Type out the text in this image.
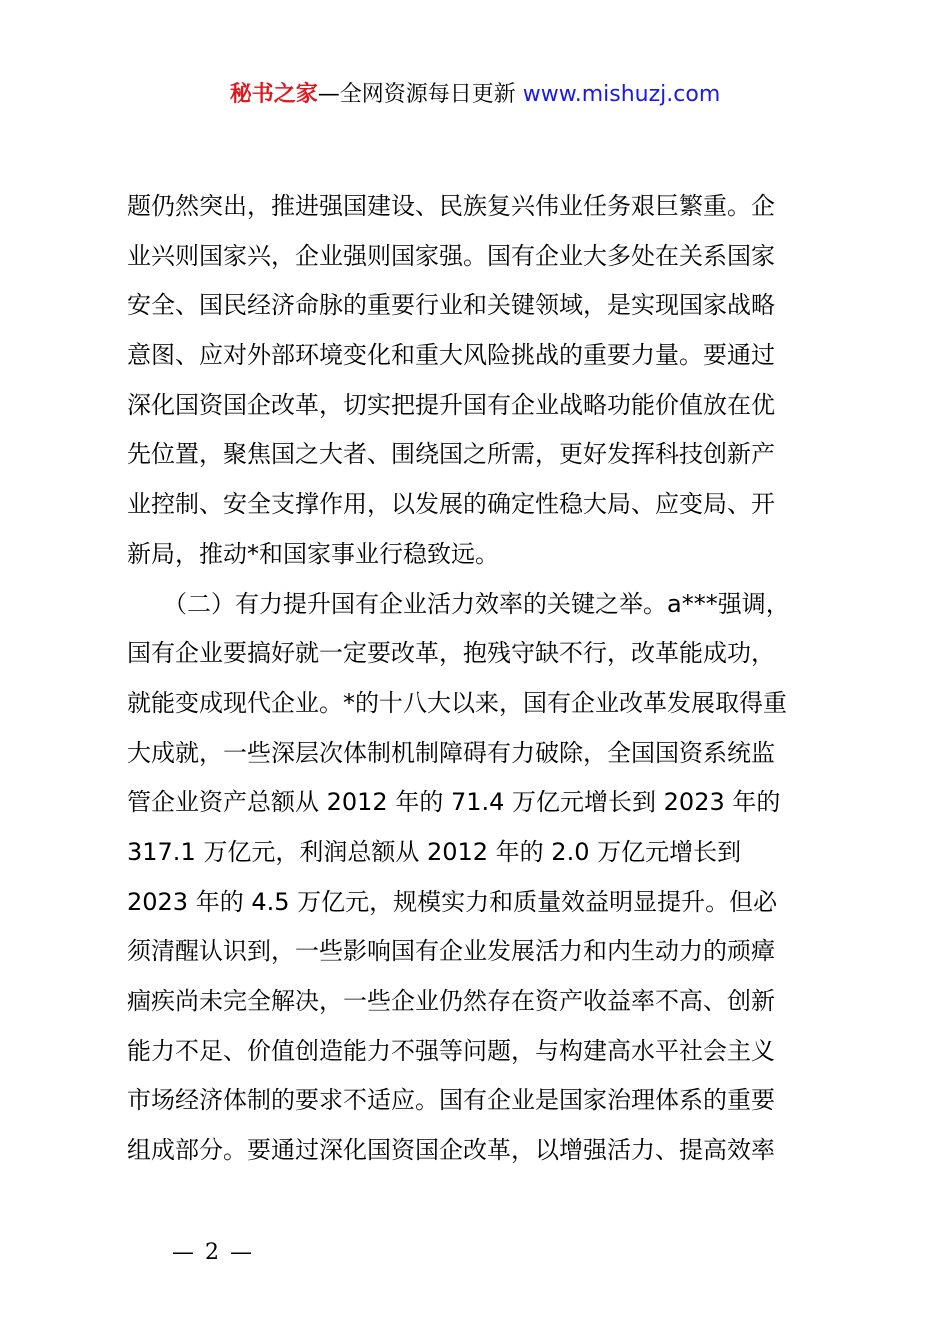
秘书之家—全网资源每日更新 www.mishuzj.com
题仍然突出，推进强国建设、民族复兴伟业任务艰巨繁重。企
业兴则国家兴，企业强则国家强。国有企业大多处在关系国家
安全、国民经济命脉的重要行业和关键领域，是实现国家战略
意图、应对外部环境变化和重大风险挑战的重要力量。要通过
深化国资国企改革，切实把提升国有企业战略功能价值放在优
先位置，聚焦国之大者、围绕国之所需，更好发挥科技创新产
业控制、安全支撑作用，以发展的确定性稳大局、应变局、开
新局，推动*和国家事业行稳致远。
　　（二）有力提升国有企业活力效率的关键之举。a***强调，
国有企业要搞好就一定要改革，抱残守缺不行，改革能成功，
就能变成现代企业。*的十八大以来，国有企业改革发展取得重
大成就，一些深层次体制机制障碍有力破除，全国国资系统监
管企业资产总额从 2012 年的 71.4 万亿元增长到 2023 年的
317.1 万亿元，利润总额从 2012 年的 2.0 万亿元增长到
2023 年的 4.5 万亿元，规模实力和质量效益明显提升。但必
须清醒认识到，一些影响国有企业发展活力和内生动力的顽瘴
痼疾尚未完全解决，一些企业仍然存在资产收益率不高、创新
能力不足、价值创造能力不强等问题，与构建高水平社会主义
市场经济体制的要求不适应。国有企业是国家治理体系的重要
组成部分。要通过深化国资国企改革，以增强活力、提高效率
— 2 —
